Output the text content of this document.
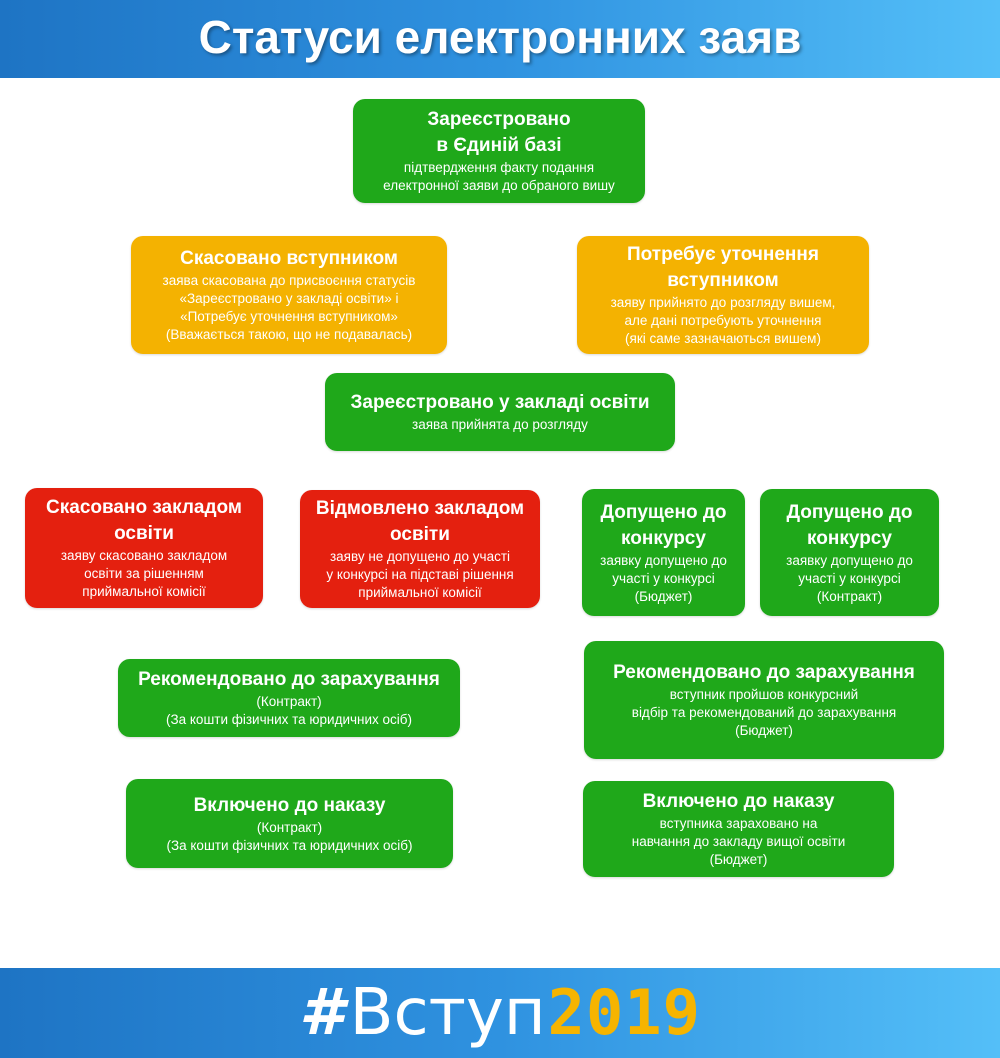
Статуси електронних заяв
Зареєстровано
в Єдиній базі
підтвердження факту подання
електронної заяви до обраного вишу
Скасовано вступником
заява скасована до присвоєння статусів
«Зареєстровано у закладі освіти» і
«Потребує уточнення вступником»
(Вважається такою, що не подавалась)
Потребує уточнення
вступником
заяву прийнято до розгляду вишем,
але дані потребують уточнення
(які саме зазначаються вишем)
Зареєстровано у закладі освіти
заява прийнята до розгляду
Скасовано закладом
освіти
заяву скасовано закладом
освіти за рішенням
приймальної комісії
Відмовлено закладом
освіти
заяву не допущено до участі
у конкурсі на підставі рішення
приймальної комісії
Допущено до
конкурсу
заявку допущено до
участі у конкурсі
(Бюджет)
Допущено до
конкурсу
заявку допущено до
участі у конкурсі
(Контракт)
Рекомендовано до зарахування
(Контракт)
(За кошти фізичних та юридичних осіб)
Рекомендовано до зарахування
вступник пройшов конкурсний
відбір та рекомендований до зарахування
(Бюджет)
Включено до наказу
(Контракт)
(За кошти фізичних та юридичних осіб)
Включено до наказу
вступника зараховано на
навчання до закладу вищої освіти
(Бюджет)
#Вступ2019
